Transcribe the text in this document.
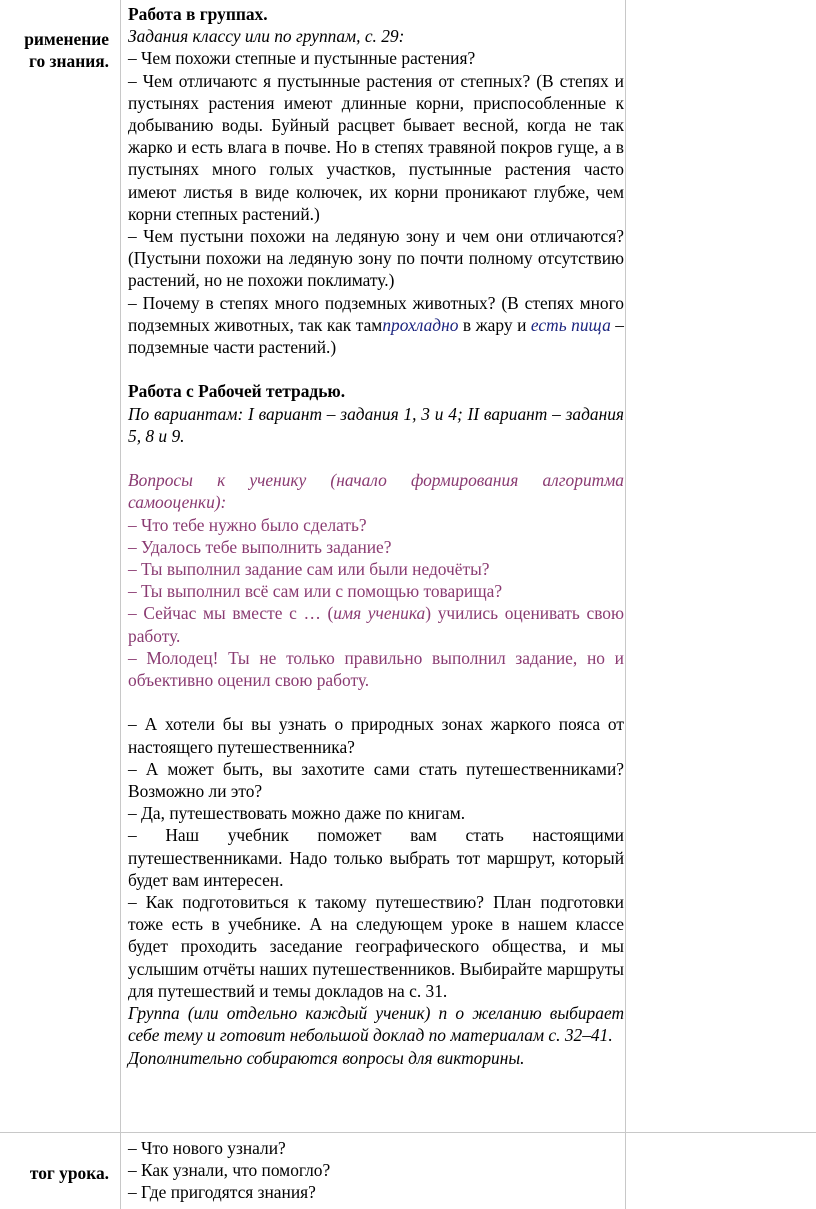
рименение
го знания.

Работа в группах.

Задания классу или по группам, с. 29:

– Чем похожи степные и пустынные растения?

– Чем отличаютс я пустынные растения от степных? (В степях и пустынях растения имеют длинные корни, приспособленные к добыванию воды. Буйный расцвет бывает весной, когда не так жарко и есть влага в почве. Но в степях травяной покров гуще, а в пустынях много голых участков, пустынные растения часто имеют листья в виде колючек, их корни проникают глубже, чем корни степных растений.)

– Чем пустыни похожи на ледяную зону и чем они отличаются? (Пустыни похожи на ледяную зону по почти полному отсутствию растений, но не похожи поклимату.)

– Почему в степях много подземных животных? (В степях много подземных животных, так как тампрохладно в жару и есть пища – подземные части растений.)

Работа с Рабочей тетрадью.

По вариантам: I вариант – задания 1, 3 и 4; II вариант – задания 5, 8 и 9.

Вопросы к ученику (начало формирования алгоритма самооценки):

– Что тебе нужно было сделать?

– Удалось тебе выполнить задание?

– Ты выполнил задание сам или были недочёты?

– Ты выполнил всё сам или с помощью товарища?

– Сейчас мы вместе с … (имя ученика) учились оценивать свою работу.

– Молодец! Ты не только правильно выполнил задание, но и объективно оценил свою работу.

– А хотели бы вы узнать о природных зонах жаркого пояса от настоящего путешественника?

– А может быть, вы захотите сами стать путешественниками? Возможно ли это?

– Да, путешествовать можно даже по книгам.

– Наш учебник поможет вам стать настоящими путешественниками. Надо только выбрать тот маршрут, который будет вам интересен.

– Как подготовиться к такому путешествию? План подготовки тоже есть в учебнике. А на следующем уроке в нашем классе будет проходить заседание географического общества, и мы услышим отчёты наших путешественников. Выбирайте маршруты для путешествий и темы докладов на с. 31.

Группа (или отдельно каждый ученик) п о желанию выбирает себе тему и готовит небольшой доклад по материалам с. 32–41.

Дополнительно собираются вопросы для викторины.

тог урока.

– Что нового узнали?

– Как узнали, что помогло?

– Где пригодятся знания?
